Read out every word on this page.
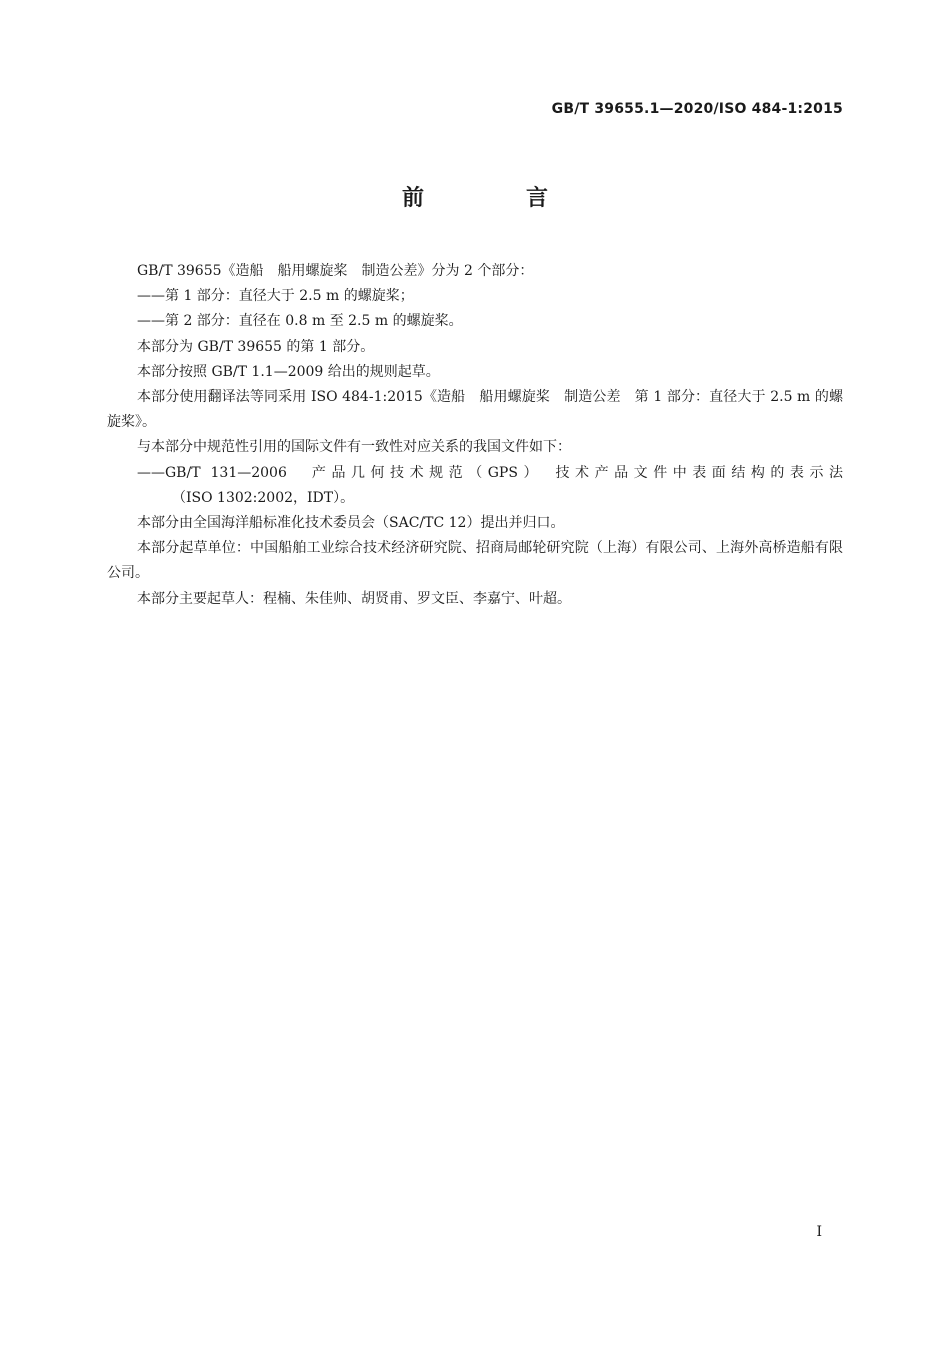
GB/T 39655.1—2020/ISO 484-1:2015
前　言

GB/T 39655《造船　船用螺旋桨　制造公差》分为 2 个部分：

——第 1 部分：直径大于 2.5 m 的螺旋桨；

——第 2 部分：直径在 0.8 m 至 2.5 m 的螺旋桨。

本部分为 GB/T 39655 的第 1 部分。

本部分按照 GB/T 1.1—2009 给出的规则起草。

本部分使用翻译法等同采用 ISO 484-1:2015《造船　船用螺旋桨　制造公差　第 1 部分：直径大于 2.5 m 的螺旋桨》。

与本部分中规范性引用的国际文件有一致性对应关系的我国文件如下：

——GB/T 131—2006　产品几何技术规范（GPS）　技术产品文件中表面结构的表示法

（ISO 1302:2002，IDT）。

本部分由全国海洋船标准化技术委员会（SAC/TC 12）提出并归口。

本部分起草单位：中国船舶工业综合技术经济研究院、招商局邮轮研究院（上海）有限公司、上海外高桥造船有限公司。

本部分主要起草人：程楠、朱佳帅、胡贤甫、罗文臣、李嘉宁、叶超。

I
